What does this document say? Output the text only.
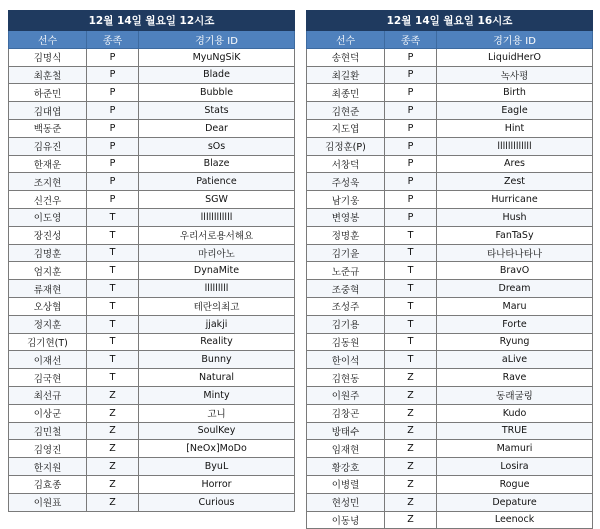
12월 14일 월요일 12시조		
선수	종족	경기용 ID
김명식	P	MyuNgSiK
최훈철	P	Blade
하준민	P	Bubble
김대엽	P	Stats
백동준	P	Dear
김유진	P	sOs
한재운	P	Blaze
조지현	P	Patience
신건우	P	SGW
이도영	T	llllllllllll
장진성	T	우리서로용서해요
김명훈	T	마리아노
엄지훈	T	DynaMite
류재현	T	lllllllll
오상협	T	테란의최고
정지훈	T	jjakji
김기현(T)	T	Reality
이재선	T	Bunny
김국현	T	Natural
최선규	Z	Minty
이상군	Z	고니
김민철	Z	SoulKey
김영진	Z	[NeOx]MoDo
한지원	Z	ByuL
김효종	Z	Horror
이원표	Z	Curious
12월 14일 월요일 16시조		
선수	종족	경기용 ID
송현덕	P	LiquidHerO
최길환	P	녹사평
최종민	P	Birth
김현준	P	Eagle
지도엽	P	Hint
김정훈(P)	P	lllllllllllll
서창덕	P	Ares
주성욱	P	Zest
남기웅	P	Hurricane
변영봉	P	Hush
정명훈	T	FanTaSy
김기윤	T	타나타나타나
노준규	T	BravO
조중혁	T	Dream
조성주	T	Maru
김기용	T	Forte
김동원	T	Ryung
한이석	T	aLive
김현동	Z	Rave
이원주	Z	동래굴링
김창곤	Z	Kudo
방태수	Z	TRUE
임재현	Z	Mamuri
황강호	Z	Losira
이병렬	Z	Rogue
현성민	Z	Depature
이동녕	Z	Leenock
